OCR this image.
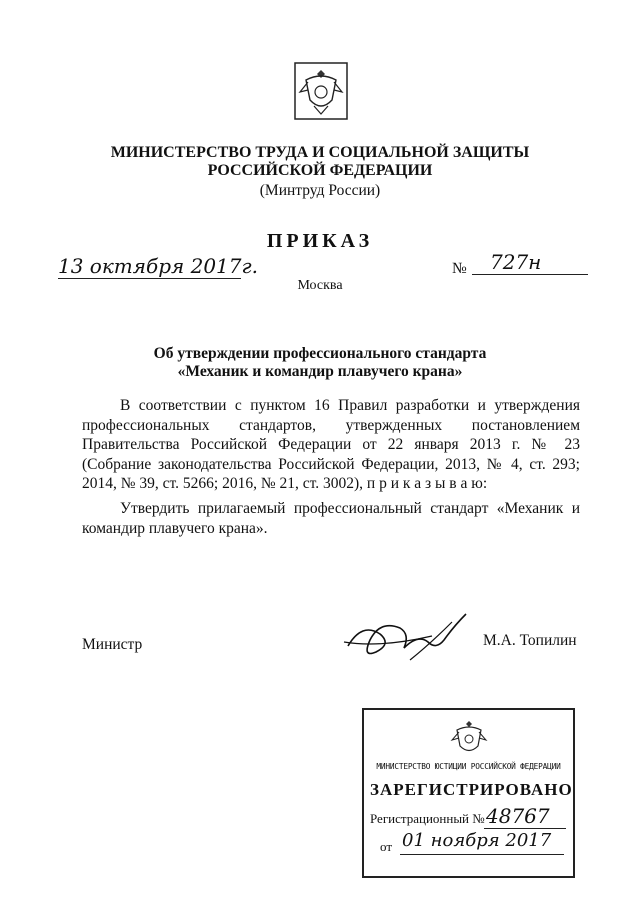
МИНИСТЕРСТВО ТРУДА И СОЦИАЛЬНОЙ ЗАЩИТЫ
РОССИЙСКОЙ ФЕДЕРАЦИИ
(Минтруд России)
ПРИКАЗ
13 октября 2017г.	№ 727н
Москва
Об утверждении профессионального стандарта
«Механик и командир плавучего крана»
В соответствии с пунктом 16 Правил разработки и утверждения профессиональных стандартов, утвержденных постановлением Правительства Российской Федерации от 22 января 2013 г. № 23 (Собрание законодательства Российской Федерации, 2013, № 4, ст. 293; 2014, № 39, ст. 5266; 2016, № 21, ст. 3002), п р и к а з ы в а ю:
Утвердить прилагаемый профессиональный стандарт «Механик и командир плавучего крана».
Министр	М.А. Топилин
МИНИСТЕРСТВО ЮСТИЦИИ РОССИЙСКОЙ ФЕДЕРАЦИИ
ЗАРЕГИСТРИРОВАНО
Регистрационный № 48767
от 01 ноября 2017
